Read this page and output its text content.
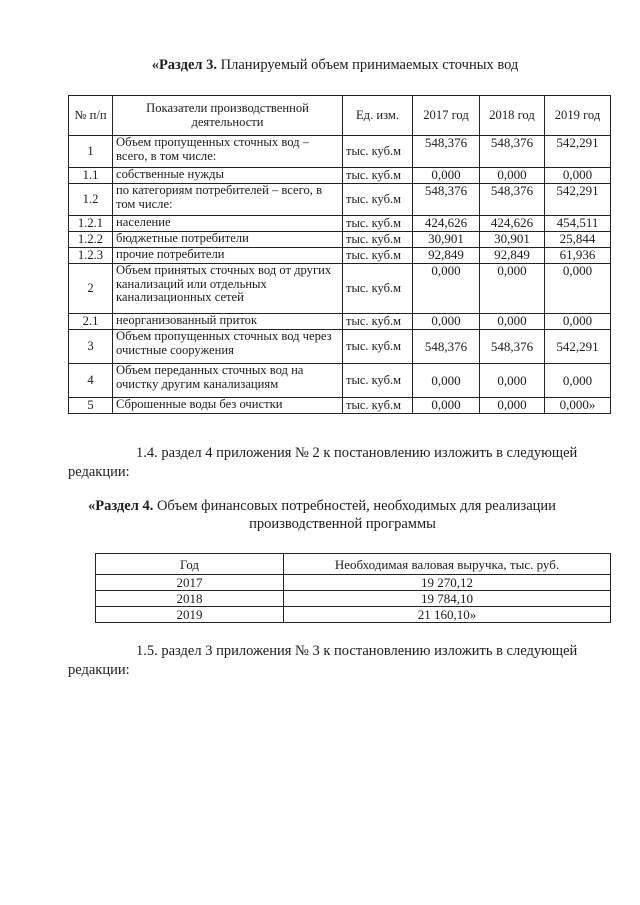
«Раздел 3. Планируемый объем принимаемых сточных вод
№ п/п	Показатели производственной деятельности	Ед. изм.	2017 год	2018 год	2019 год
1	Объем пропущенных сточных вод – всего, в том числе:	тыс. куб.м	548,376	548,376	542,291
1.1	собственные нужды	тыс. куб.м	0,000	0,000	0,000
1.2	по категориям потребителей – всего, в том числе:	тыс. куб.м	548,376	548,376	542,291
1.2.1	население	тыс. куб.м	424,626	424,626	454,511
1.2.2	бюджетные потребители	тыс. куб.м	30,901	30,901	25,844
1.2.3	прочие потребители	тыс. куб.м	92,849	92,849	61,936
2	Объем принятых сточных вод от других канализаций или отдельных канализационных сетей	тыс. куб.м	0,000	0,000	0,000
2.1	неорганизованный приток	тыс. куб.м	0,000	0,000	0,000
3	Объем пропущенных сточных вод через очистные сооружения	тыс. куб.м	548,376	548,376	542,291
4	Объем переданных сточных вод на очистку другим канализациям	тыс. куб.м	0,000	0,000	0,000
5	Сброшенные воды без очистки	тыс. куб.м	0,000	0,000	0,000»
1.4. раздел 4 приложения № 2 к постановлению изложить в следующей
редакции:
«Раздел 4. Объем финансовых потребностей, необходимых для реализации
производственной программы
Год	Необходимая валовая выручка, тыс. руб.
2017	19 270,12
2018	19 784,10
2019	21 160,10»
1.5. раздел 3 приложения № 3 к постановлению изложить в следующей
редакции:
